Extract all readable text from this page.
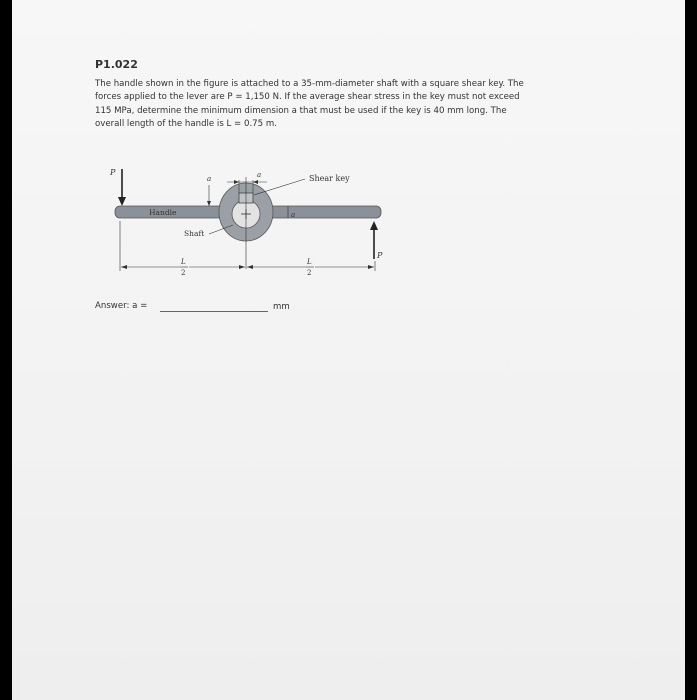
P1.022

The handle shown in the figure is attached to a 35-mm-diameter shaft with a square shear key. The

forces applied to the lever are P = 1,150 N. If the average shear stress in the key must not exceed

115 MPa, determine the minimum dimension a that must be used if the key is 40 mm long. The

overall length of the handle is L = 0.75 m.

P
P
L
2
L
2
a
a
a
Shear key
Handle
Shaft
Answer: a =	mm
